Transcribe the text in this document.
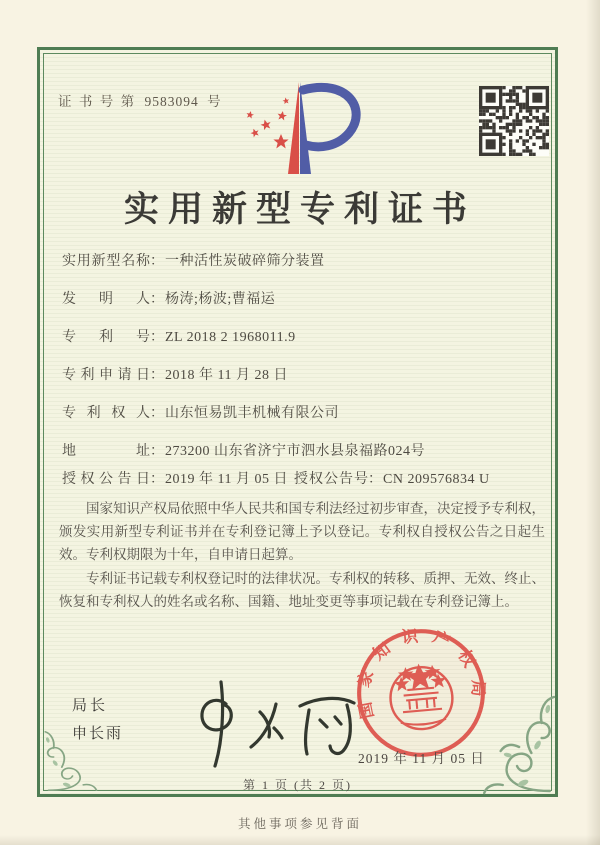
证 书 号 第 9583094 号
实用新型专利证书
实用新型名称：一种活性炭破碎筛分装置
发明人：杨涛;杨波;曹福运
专利号：ZL 2018 2 1968011.9
专利申请日：2018 年 11 月 28 日
专利权人：山东恒易凯丰机械有限公司
地址：273200 山东省济宁市泗水县泉福路024号
授权公告日：2019 年 11 月 05 日 授权公告号：CN 209576834 U

国家知识产权局依照中华人民共和国专利法经过初步审查，决定授予专利权，颁发实用新型专利证书并在专利登记簿上予以登记。专利权自授权公告之日起生效。专利权期限为十年，自申请日起算。

专利证书记载专利权登记时的法律状况。专利权的转移、质押、无效、终止、恢复和专利权人的姓名或名称、国籍、地址变更等事项记载在专利登记簿上。

局长
申长雨
国家知识产权局
2019 年 11 月 05 日
第 1 页 (共 2 页)
其他事项参见背面
